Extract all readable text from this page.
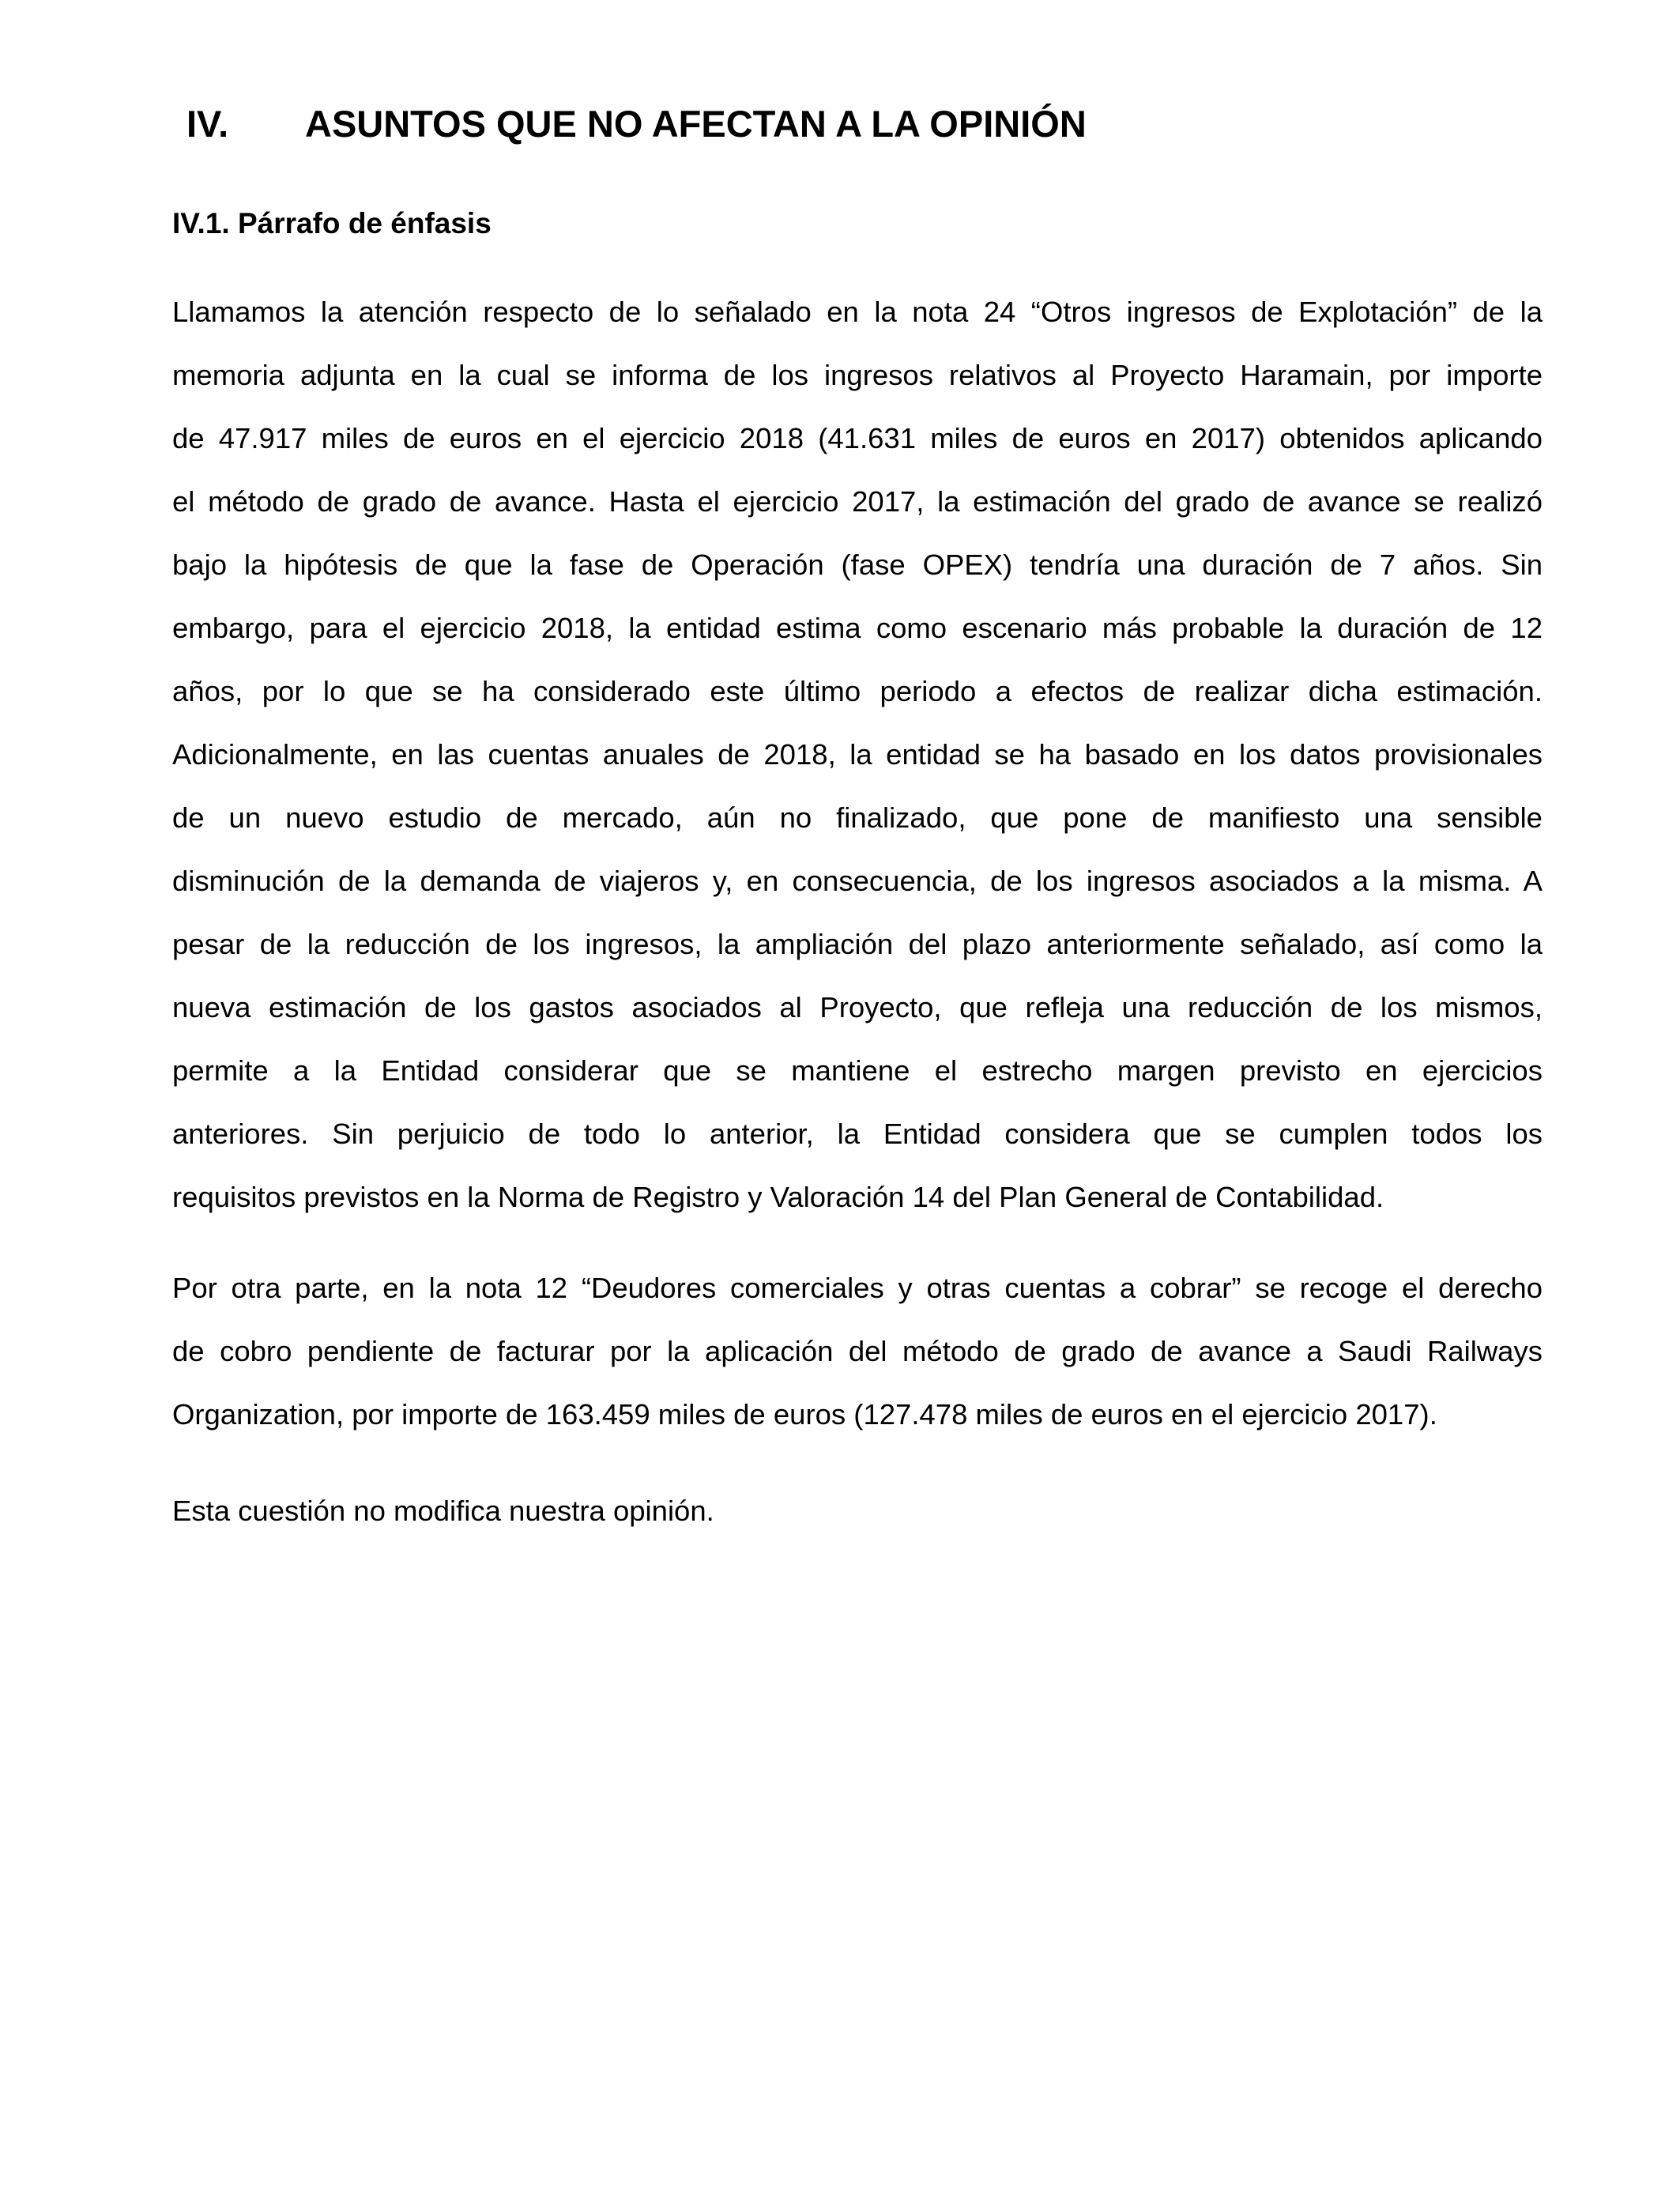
IV. ASUNTOS QUE NO AFECTAN A LA OPINIÓN
IV.1. Párrafo de énfasis
Llamamos la atención respecto de lo señalado en la nota 24 “Otros ingresos de Explotación” de la
memoria adjunta en la cual se informa de los ingresos relativos al Proyecto Haramain, por importe
de 47.917 miles de euros en el ejercicio 2018 (41.631 miles de euros en 2017) obtenidos aplicando
el método de grado de avance. Hasta el ejercicio 2017, la estimación del grado de avance se realizó
bajo la hipótesis de que la fase de Operación (fase OPEX) tendría una duración de 7 años. Sin
embargo, para el ejercicio 2018, la entidad estima como escenario más probable la duración de 12
años, por lo que se ha considerado este último periodo a efectos de realizar dicha estimación.
Adicionalmente, en las cuentas anuales de 2018, la entidad se ha basado en los datos provisionales
de un nuevo estudio de mercado, aún no finalizado, que pone de manifiesto una sensible
disminución de la demanda de viajeros y, en consecuencia, de los ingresos asociados a la misma. A
pesar de la reducción de los ingresos, la ampliación del plazo anteriormente señalado, así como la
nueva estimación de los gastos asociados al Proyecto, que refleja una reducción de los mismos,
permite a la Entidad considerar que se mantiene el estrecho margen previsto en ejercicios
anteriores. Sin perjuicio de todo lo anterior, la Entidad considera que se cumplen todos los
requisitos previstos en la Norma de Registro y Valoración 14 del Plan General de Contabilidad.
Por otra parte, en la nota 12 “Deudores comerciales y otras cuentas a cobrar” se recoge el derecho
de cobro pendiente de facturar por la aplicación del método de grado de avance a Saudi Railways
Organization, por importe de 163.459 miles de euros (127.478 miles de euros en el ejercicio 2017).
Esta cuestión no modifica nuestra opinión.
